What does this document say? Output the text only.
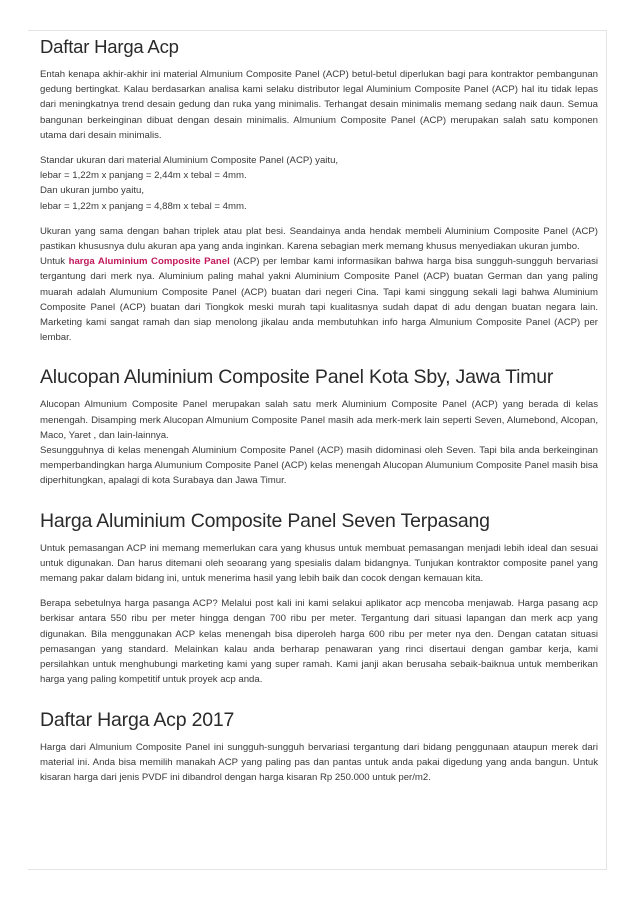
Daftar Harga Acp

Entah kenapa akhir-akhir ini material Almunium Composite Panel (ACP) betul-betul diperlukan bagi para kontraktor pembangunan gedung bertingkat. Kalau berdasarkan analisa kami selaku distributor legal Aluminium Composite Panel (ACP) hal itu tidak lepas dari meningkatnya trend desain gedung dan ruka yang minimalis. Terhangat desain minimalis memang sedang naik daun. Semua bangunan berkeinginan dibuat dengan desain minimalis. Almunium Composite Panel (ACP) merupakan salah satu komponen utama dari desain minimalis.

Standar ukuran dari material Aluminium Composite Panel (ACP) yaitu,
lebar = 1,22m x panjang = 2,44m x tebal = 4mm.
Dan ukuran jumbo yaitu,
lebar = 1,22m x panjang = 4,88m x tebal = 4mm.

Ukuran yang sama dengan bahan triplek atau plat besi. Seandainya anda hendak membeli Aluminium Composite Panel (ACP) pastikan khususnya dulu akuran apa yang anda inginkan. Karena sebagian merk memang khusus menyediakan ukuran jumbo.

Untuk harga Aluminium Composite Panel (ACP) per lembar kami informasikan bahwa harga bisa sungguh-sungguh bervariasi tergantung dari merk nya. Aluminium paling mahal yakni Aluminium Composite Panel (ACP) buatan German dan yang paling muarah adalah Alumunium Composite Panel (ACP) buatan dari negeri Cina. Tapi kami singgung sekali lagi bahwa Aluminium Composite Panel (ACP) buatan dari Tiongkok meski murah tapi kualitasnya sudah dapat di adu dengan buatan negara lain. Marketing kami sangat ramah dan siap menolong jikalau anda membutuhkan info harga Almunium Composite Panel (ACP) per lembar.

Alucopan Aluminium Composite Panel Kota Sby, Jawa Timur

Alucopan Almunium Composite Panel merupakan salah satu merk Aluminium Composite Panel (ACP) yang berada di kelas menengah. Disamping merk Alucopan Almunium Composite Panel masih ada merk-merk lain seperti Seven, Alumebond, Alcopan, Maco, Yaret , dan lain-lainnya.

Sesungguhnya di kelas menengah Aluminium Composite Panel (ACP) masih didominasi oleh Seven. Tapi bila anda berkeinginan memperbandingkan harga Alumunium Composite Panel (ACP) kelas menengah Alucopan Alumunium Composite Panel masih bisa diperhitungkan, apalagi di kota Surabaya dan Jawa Timur.

Harga Aluminium Composite Panel Seven Terpasang

Untuk pemasangan ACP ini memang memerlukan cara yang khusus untuk membuat pemasangan menjadi lebih ideal dan sesuai untuk digunakan. Dan harus ditemani oleh seoarang yang spesialis dalam bidangnya. Tunjukan kontraktor composite panel yang memang pakar dalam bidang ini, untuk menerima hasil yang lebih baik dan cocok dengan kemauan kita.

Berapa sebetulnya harga pasanga ACP? Melalui post kali ini kami selakui aplikator acp mencoba menjawab. Harga pasang acp berkisar antara 550 ribu per meter hingga dengan 700 ribu per meter. Tergantung dari situasi lapangan dan merk acp yang digunakan. Bila menggunakan ACP kelas menengah bisa diperoleh harga 600 ribu per meter nya den. Dengan catatan situasi pemasangan yang standard. Melainkan kalau anda berharap penawaran yang rinci disertaui dengan gambar kerja, kami persilahkan untuk menghubungi marketing kami yang super ramah. Kami janji akan berusaha sebaik-baiknua untuk memberikan harga yang paling kompetitif untuk proyek acp anda.

Daftar Harga Acp 2017

Harga dari Almunium Composite Panel ini sungguh-sungguh bervariasi tergantung dari bidang penggunaan ataupun merek dari material ini. Anda bisa memilih manakah ACP yang paling pas dan pantas untuk anda pakai digedung yang anda bangun. Untuk kisaran harga dari jenis PVDF ini dibandrol dengan harga kisaran Rp 250.000 untuk per/m2.
